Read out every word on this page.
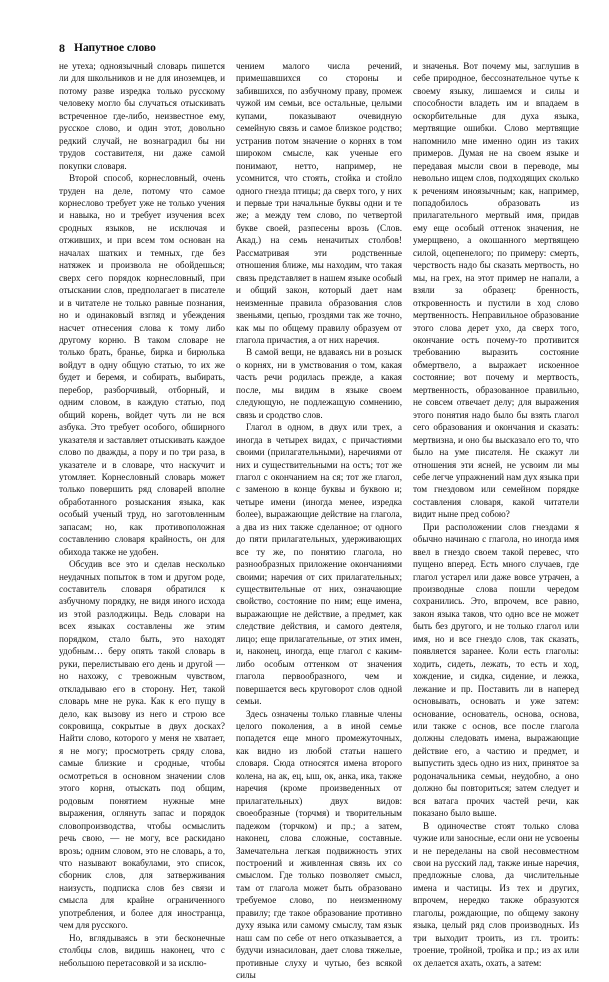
8 Напутное слово

не утеха; одноязычный словарь пишется ли для школьников и не для иноземцев, и потому разве изредка только русскому человеку могло бы случаться отыскивать встреченное где-либо, неизвестное ему, русское слово, и один этот, довольно редкий случай, не вознаградил бы ни трудов составителя, ни даже самой покупки словаря.

Второй способ, корнесловный, очень труден на деле, потому что самое корнеслово требует уже не только учения и навыка, но и требует изучения всех сродных языков, не исключая и отживших, и при всем том основан на началах шатких и темных, где без натяжек и произвола не обойдешься; сверх сего порядок корнесловный, при отыскании слов, предполагает в писателе и в читателе не только равные познания, но и одинаковый взгляд и убеждения насчет отнесения слова к тому либо другому корню. В таком словаре не только брать, бранье, бирка и бирюлька войдут в одну общую статью, то их же будет и беремя, и собирать, выбирать, перебор, разборчивый, отборный, и одним словом, в каждую статью, под общий корень, войдет чуть ли не вся азбука. Это требует особого, обширного указателя и заставляет отыскивать каждое слово по дважды, а пору и по три раза, в указателе и в словаре, что наскучит и утомляет. Корнесловный словарь может только повершить ряд словарей вполне обработанного розыскания языка, как особый ученый труд, но заготовленным запасам; но, как противоположная составлению словаря крайность, он для обихода также не удобен.

Обсудив все это и сделав несколько неудачных попыток в том и другом роде, составитель словаря обратился к азбучному порядку, не видя иного исхода из этой разлоджицы. Ведь словари на всех языках составлены же этим порядком, стало быть, это находят удобным… беру опять такой словарь в руки, перелистываю его день и другой — но нахожу, с тревожным чувством, откладываю его в сторону. Нет, такой словарь мне не рука. Как к его пущу в дело, как вызову из него и строю все сокровища, сокрытые в двух досках? Найти слово, которого у меня не хватает, я не могу; просмотреть сряду слова, самые близкие и сродные, чтобы осмотреться в основном значении слов этого корня, отыскать под общим, родовым понятием нужные мне выражения, оглянуть запас и порядок словопроизводства, чтобы осмыслить речь свою, — не могу, все раскидано врозь; одним словом, это не словарь, а то, что называют вокабулами, это список, сборник слов, для затверживания наизусть, подписка слов без связи и смысла для крайне ограниченного употребления, и более для иностранца, чем для русского.

Но, вглядываясь в эти бесконечные столбцы слов, видишь наконец, что с небольшою перетасовкой и за исклю-

чением малого числа речений, примешавшихся со стороны и забившихся, по азбучному праву, промеж чужой им семьи, все остальные, целыми купами, показывают очевидную семейную связь и самое близкое родство; устранив потом значение о корнях в том широком смысле, как ученые его понимают, нетто, например, не усомнится, что стоять, стойка и стойло одного гнезда птицы; да сверх того, у них и первые три начальные буквы одни и те же; а между тем слово, по четвертой букве своей, разпесены врозь (Слов. Акад.) на семь неначитых столбов! Рассматривая эти родственные отношения ближе, мы находим, что такая связь представляет в нашем языке особый и общий закон, который дает нам неизменные правила образования слов звеньями, цепью, гроздями так же точно, как мы по общему правилу образуем от глагола причастия, а от них наречия.

В самой вещи, не вдаваясь ни в розыск о корнях, ни в умствования о том, какая часть речи родилась прежде, а какая после, мы видим в языке своем следующую, не подлежащую сомнению, связь и сродство слов.

Глагол в одном, в двух или трех, а иногда в четырех видах, с причастиями своими (прилагательными), наречиями от них и существительными на остъ; тот же глагол с окончанием на ся; тот же глагол, с заменою в конце буквы и буквою и; четыре имени (иногда менее, изредка более), выражающие действие на глагола, а два из них также сделанное; от одного до пяти прилагательных, удерживающих все ту же, по понятию глагола, но разнообразных приложение окончаниями своими; наречия от сих прилагательных; существительные от них, означающие свойство, состояние по ним; еще имена, выражающие не действие, а предмет, как следствие действия, и самого деятеля, лицо; еще прилагательные, от этих имен, и, наконец, иногда, еще глагол с каким-либо особым оттенком от значения глагола первообразного, чем и повершается весь круговорот слов одной семьи.

Здесь означены только главные члены целого поколения, а в иной семье попадется еще много промежуточных, как видно из любой статьи нашего словаря. Сюда относятся имена второго колена, на ак, ец, ыш, ок, анка, ика, также наречия (кроме произведенных от прилагательных) двух видов: своеобразные (торчмя) и творительным падежом (торчком) и пр.; а затем, наконец, слова сложные, составные. Замечательна легкая подвижность этих построений и живленная связь их со смыслом. Где только позволяет смысл, там от глагола может быть образовано требуемое слово, по неизменному правилу; где такое образование противно духу языка или самому смыслу, там язык наш сам по себе от него отказывается, а будучи изнасилован, дает слова тяжелые, противные слуху и чутью, без всякой силы

и значенья. Вот почему мы, заглушив в себе природное, бессознательное чутье к своему языку, лишаемся и силы и способности владеть им и впадаем в оскорбительные для духа языка, мертвящие ошибки. Слово мертвящие напомнило мне именно один из таких примеров. Думая не на своем языке и передавая мысли свои в переводе, мы невольно ищем слов, подходящих сколько к речениям иноязычным; как, например, попадобилось образовать из прилагательного мертвый имя, придав ему еще особый оттенок значения, не умерщвено, а окошанного мертвящею силой, оцепенелого; по примеру: смерть, черствость надо бы сказать мертвость, но мы, на грех, на этот пример не напали, а взяли за образец: бренность, откровенность и пустили в ход слово мертвенность. Неправильное образование этого слова дерет ухо, да сверх того, окончание остъ почему-то противится требованию выразить состояние обмертвело, а выражает искоенное состояние; вот почему и мертвость, мертвенность, образованное правильно, не совсем отвечает делу; для выражения этого понятия надо было бы взять глагол сего образования и окончания и сказать: мертвизна, и оно бы высказало его то, что было на уме писателя. Не скажут ли отношения эти ясней, не усвоим ли мы себе легче упражнений нам дух языка при том гнездовом или семейном порядке составления словаря, какой читатели видит ныне пред собою?

При расположении слов гнездами я обычно начинаю с глагола, но иногда имя ввел в гнездо своем такой перевес, что пущено вперед. Есть много случаев, где глагол устарел или даже вовсе утрачен, а производные слова пошли чередом сохранились. Это, впрочем, все равно, закон языка таков, что одно все не может быть без другого, и не только глагол или имя, но и все гнездо слов, так сказать, появляется заранее. Коли есть глаголы: ходить, сидеть, лежать, то есть и ход, хождение, и сидка, сидение, и лежка, лежание и пр. Поставить ли в наперед основывать, основать и уже затем: основание, основатель, основа, основа, или также с основ, все после глагола должны следовать имена, выражающие действие его, а частию и предмет, и выпустить здесь одно из них, принятое за родоначальника семьи, неудобно, а оно должно бы повториться; затем следует и вся ватага прочих частей речи, как показано было выше.

В одиночестве стоят только слова чужие или заносные, если они не усвоены и не переделаны на свой несовместном свои на русский лад, также иные наречия, предложные слова, да числительные имена и частицы. Из тех и других, впрочем, нередко также образуются глаголы, рождающие, по общему закону языка, целый ряд слов производных. Из три выходит троить, из гл. троить: троение, тройной, тройка и пр.; из ах или ох делается ахать, охать, а затем:
